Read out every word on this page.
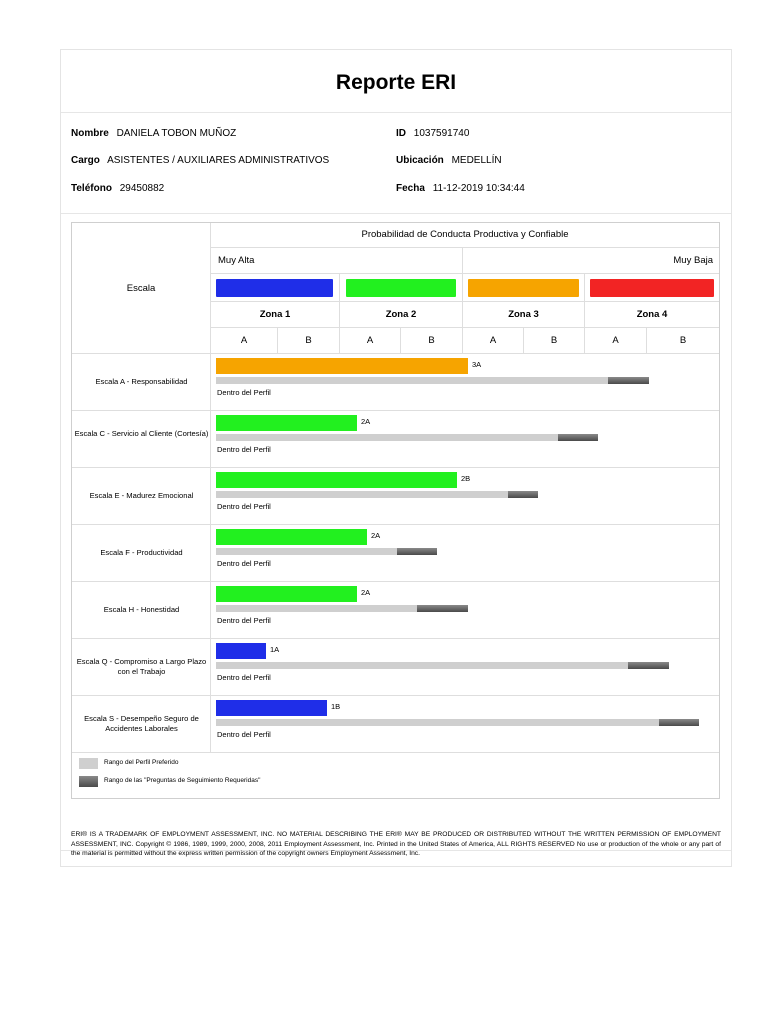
Reporte ERI
Nombre DANIELA TOBON MUÑOZ	ID 1037591740
Cargo ASISTENTES / AUXILIARES ADMINISTRATIVOS	Ubicación MEDELLÍN
Teléfono 29450882	Fecha 11-12-2019 10:34:44
Probabilidad de Conducta Productiva y Confiable
Escala
Muy Alta	Muy Baja
Zona 1	Zona 2	Zona 3	Zona 4
A	B	A	B	A	B	A	B
Escala A - Responsabilidad
3A
Dentro del Perfil
Escala C - Servicio al Cliente (Cortesía)
2A
Dentro del Perfil
Escala E - Madurez Emocional
2B
Dentro del Perfil
Escala F - Productividad
2A
Dentro del Perfil
Escala H - Honestidad
2A
Dentro del Perfil
Escala Q - Compromiso a Largo Plazo con el Trabajo
1A
Dentro del Perfil
Escala S - Desempeño Seguro de Accidentes Laborales
1B
Dentro del Perfil
Rango del Perfil Preferido
Rango de las "Preguntas de Seguimiento Requeridas"
ERI® IS A TRADEMARK OF EMPLOYMENT ASSESSMENT, INC. NO MATERIAL DESCRIBING THE ERI® MAY BE PRODUCED OR DISTRIBUTED WITHOUT THE WRITTEN PERMISSION OF EMPLOYMENT ASSESSMENT, INC. Copyright © 1986, 1989, 1999, 2000, 2008, 2011 Employment Assessment, Inc. Printed in the United States of America, ALL RIGHTS RESERVED No use or production of the whole or any part of the material is permitted without the express written permission of the copyright owners Employment Assessment, Inc.
